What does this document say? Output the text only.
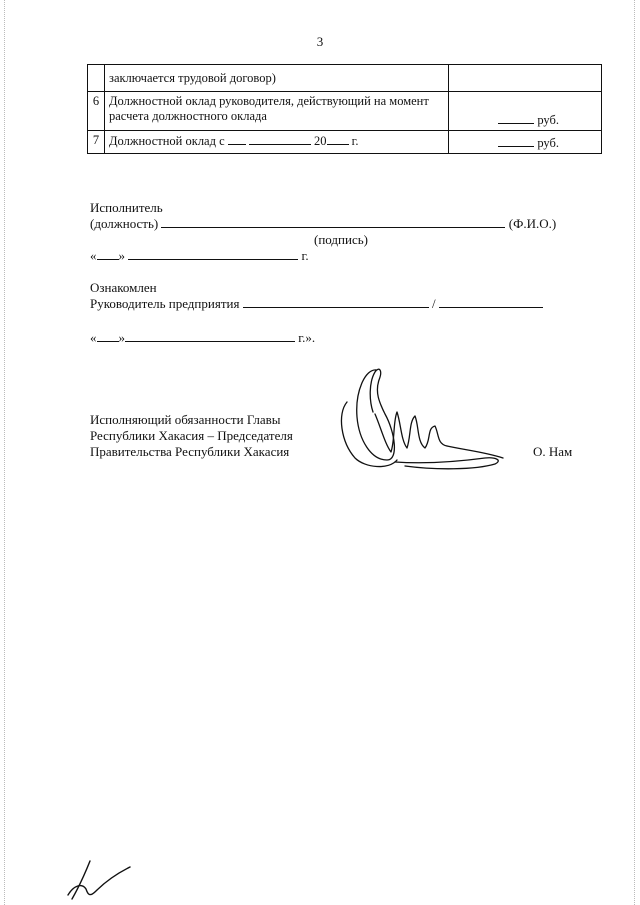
3
	заключается трудовой договор)	
6	Должностной оклад руководителя, действующий на момент расчета должностного оклада	руб.
7	Должностной оклад с 20 г.	руб.
Исполнитель
(должность)	(Ф.И.О.)
(подпись)
« »	г.
Ознакомлен
Руководитель предприятия	/
« »	г.».
Исполняющий обязанности Главы
Республики Хакасия – Председателя
Правительства Республики Хакасия	О. Нам
